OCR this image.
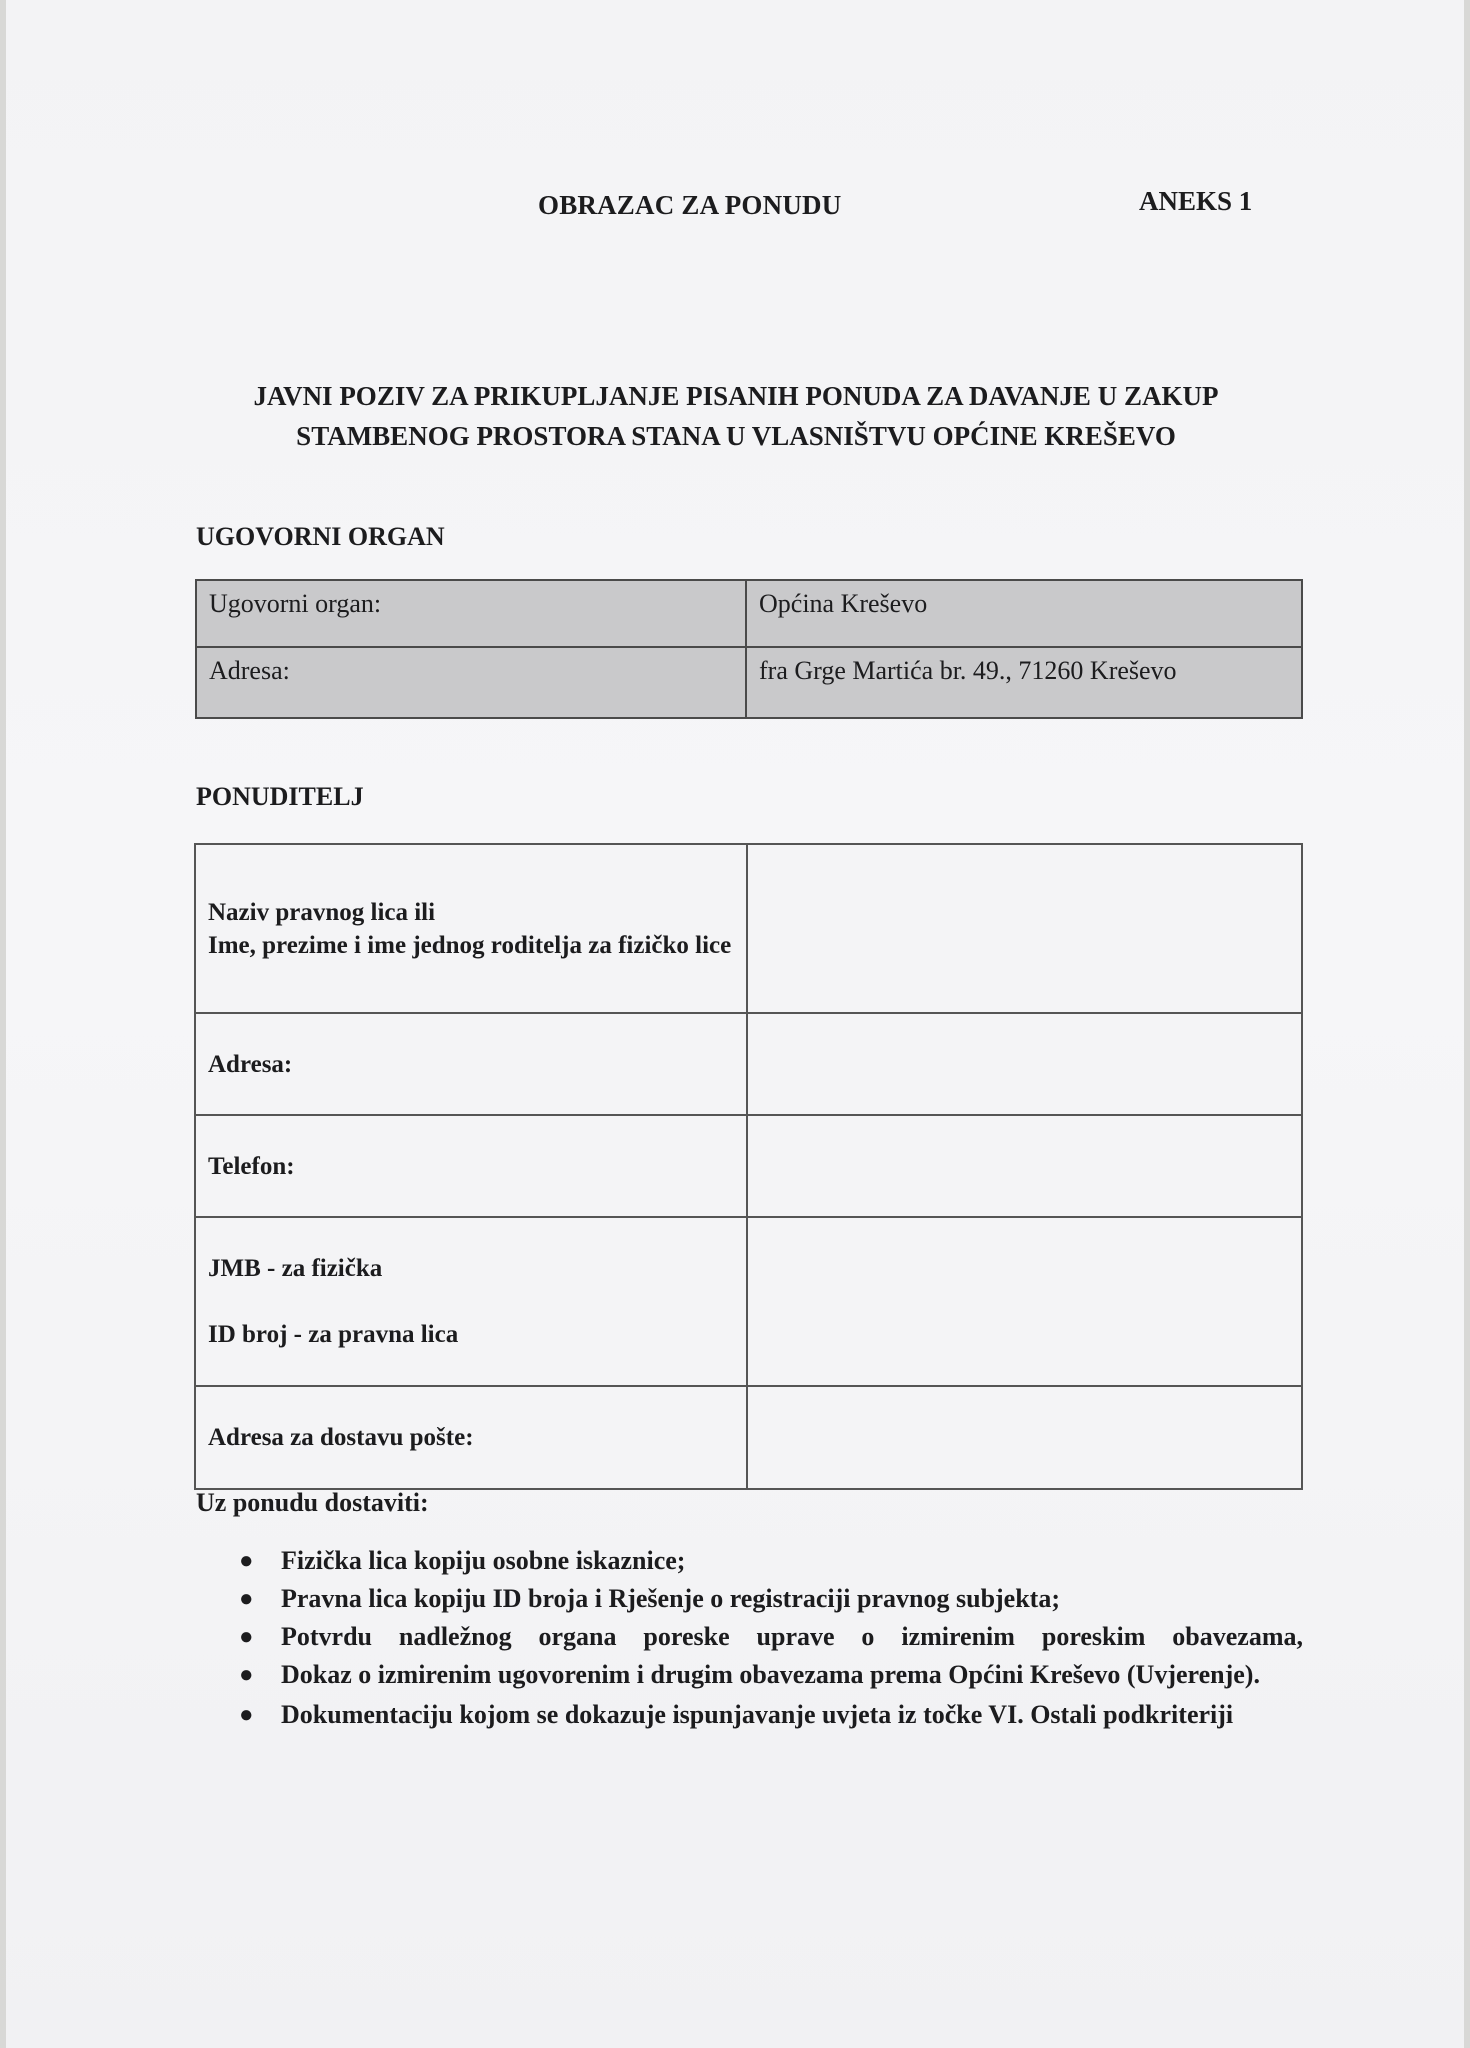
OBRAZAC ZA PONUDU	ANEKS 1
JAVNI POZIV ZA PRIKUPLJANJE PISANIH PONUDA ZA DAVANJE U ZAKUP
STAMBENOG PROSTORA STANA U VLASNIŠTVU OPĆINE KREŠEVO
UGOVORNI ORGAN
Ugovorni organ:	Općina Kreševo
Adresa:	fra Grge Martića br. 49., 71260 Kreševo
PONUDITELJ
Naziv pravnog lica ili
Ime, prezime i ime jednog roditelja za fizičko lice	
Adresa:	
Telefon:	

JMB - za fizička
ID broj - za pravna lica	

Adresa za dostavu pošte:	
Uz ponudu dostaviti:
● Fizička lica kopiju osobne iskaznice;
● Pravna lica kopiju ID broja i Rješenje o registraciji pravnog subjekta;
● Potvrdu nadležnog organa poreske uprave o izmirenim poreskim obavezama,
● Dokaz o izmirenim ugovorenim i drugim obavezama prema Općini Kreševo (Uvjerenje).
● Dokumentaciju kojom se dokazuje ispunjavanje uvjeta iz točke VI. Ostali podkriteriji
